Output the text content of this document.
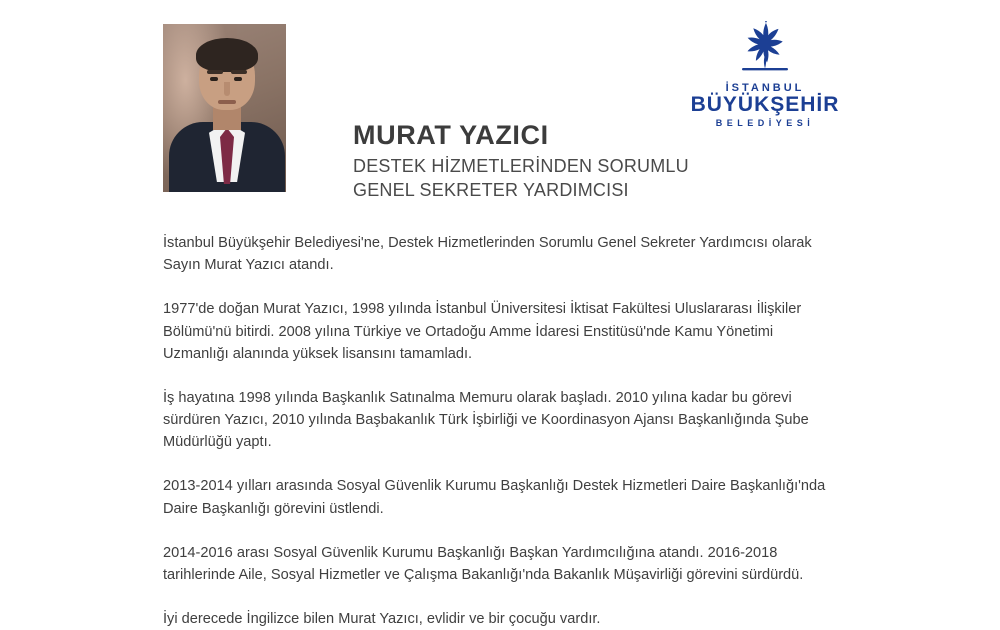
MURAT YAZICI

DESTEK HİZMETLERİNDEN SORUMLU

GENEL SEKRETER YARDIMCISI

İSTANBUL
BÜYÜKŞEHİR
BELEDİYESİ

İstanbul Büyükşehir Belediyesi'ne, Destek Hizmetlerinden Sorumlu Genel Sekreter Yardımcısı olarak Sayın Murat Yazıcı atandı.

1977'de doğan Murat Yazıcı, 1998 yılında İstanbul Üniversitesi İktisat Fakültesi Uluslararası İlişkiler Bölümü'nü bitirdi. 2008 yılına Türkiye ve Ortadoğu Amme İdaresi Enstitüsü'nde Kamu Yönetimi Uzmanlığı alanında yüksek lisansını tamamladı.

İş hayatına 1998 yılında Başkanlık Satınalma Memuru olarak başladı. 2010 yılına kadar bu görevi sürdüren Yazıcı, 2010 yılında Başbakanlık Türk İşbirliği ve Koordinasyon Ajansı Başkanlığında Şube Müdürlüğü yaptı.

2013-2014 yılları arasında Sosyal Güvenlik Kurumu Başkanlığı Destek Hizmetleri Daire Başkanlığı'nda Daire Başkanlığı görevini üstlendi.

2014-2016 arası Sosyal Güvenlik Kurumu Başkanlığı Başkan Yardımcılığına atandı. 2016-2018 tarihlerinde Aile, Sosyal Hizmetler ve Çalışma Bakanlığı'nda Bakanlık Müşavirliği görevini sürdürdü.

İyi derecede İngilizce bilen Murat Yazıcı, evlidir ve bir çocuğu vardır.
